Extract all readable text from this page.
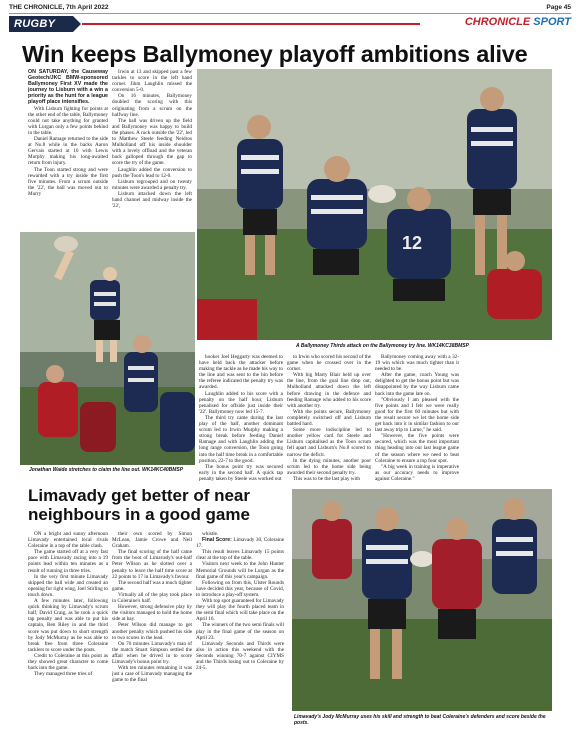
THE CHRONICLE, 7th April 2022	Page 45
RUGBY	CHRONICLE SPORT
Win keeps Ballymoney playoff ambitions alive

ON SATURDAY, the Causeway Geotech/JKC BMW-sponsored Ballymoney First XV made the journey to Lisburn with a win a priority as the hunt for a league playoff place intensifies.

With Lisburn fighting for points at the other end of the table, Ballymoney could not take anything for granted with Lurgan only a few points behind in the table.

Daniel Ramage returned to the side at No.8 while in the backs Aaron Gervais started at 10 with Lewis Murphy making his long-awaited return from injury.

The Toon started strong and were rewarded with a try inside the first five minutes. From a scrum outside the '22', the ball was moved out to Murry

Irwin at 13 and skipped past a few tackles to score in the left hand corner. Jihm Laughlin missed the conversion 5-0.

On 16 minutes, Ballymoney doubled the scoring with this originating from a scrum on the halfway line.

The ball was driven up the field and Ballymoney was happy to build the phases. A ruck outside the '22', led to Matthew Steele feeding Neidros Mulholland off his inside shoulder with a lovely offload and the veteran back galloped through the gap to score the try of the game.

Laughlin added the conversion to push the Toon's lead to 12-0.

Lisburn regrouped and on twenty minutes were awarded a penalty try.

Lisburn attacked down the left hand channel and midway inside the '22',

Jonathan Waide stretches to claim the line out. WK14KC40BMSP
12
A Ballymoney Thirds attack on the Ballymoney try line. WK14KC38BMSP

hooker Joel Heggarty was deemed to have held back the attacker before making the tackle as he made his way to the line and was sent to the bin before the referee indicated the penalty try was awarded.

Laughlin added to his score with a penalty on the half hour, Lisburn penalised for offside just inside their '22'. Ballymoney now led 15-7.

The third try came during the last play of the half, another dominant scrum led to Irwin Murphy making a strong break before feeding Daniel Ramage and with Laughlin adding the long range conversion, the Toon going into the half time break in a comfortable position, 22-7 to the good.

The bonus point try was secured early in the second half. A quick tap penalty taken by Steele was worked out

to Irwin who scored his second of the game when he crossed over in the corner.

With big Marty Blair held up over the line, from the goal line drop out, Mulholland attacked down the left before drawing in the defence and feeding Ramage who added to his score with another try.

With the points secure, Ballymoney completely switched off and Lisburn battled hard.

Some more indiscipline led to another yellow card for Steele and Lisburn capitalised as the Toon scrum fell apart and Lisburn's No.8 scored to narrow the deficit.

In the dying minutes, another poor scrum led to the home side being awarded their second penalty try.

This was to be the last play with

Ballymoney coming away with a 32-19 win which was much tighter than it needed to be.

After the game, coach Young was delighted to get the bonus point but was disappointed by the way Lisburn came back into the game late on.

"Obviously I am pleased with the five points and I felt we were really good for the first 60 minutes but with the result secure we let the home side get back into it in similar fashion to our last away trip to Larne," he said.

"However, the five points were secured, which was the most important thing heading into our last league game of the season where we need to beat Coleraine to ensure a top four spot.

"A big week in training is imperative as our accuracy needs to improve against Coleraine."

Limavady get better of near neighbours in a good game

ON a bright and sunny afternoon Limavady entertained local rivals Coleraine in a top of the table clash.

The game started off at a very fast pace with Limavady racing into a 19 points lead within ten minutes as a result of running in three tries.

In the very first minute Limavady skipped the ball wide and created an opening for right wing, Joel Stirling to touch down.

A few minutes later, following quick thinking by Limavady's scrum half, David Craig, as he took a quick tap penalty and was able to put his captain, Ben Riley in and the third score was put down to short strength by Jody McMurray as he was able to break free from three Coleraine tacklers to score under the posts.

Credit to Coleraine at this point as they showed great character to come back into the game.

They managed three tries of

their own scored by Simon McLean, Jamie Crowe and Neil Graham.

The final scoring of the half came from the boot of Limavady's out-half Peter Wilson as he slotted over a penalty to leave the half time score at 22 points to 17 in Limavady's favour.

The second half was a much tighter game.

Virtually all of the play took place in Coleraine's half.

However, strong defensive play by the visitors managed to hold the home side at bay.

Peter Wilson did manage to get another penalty which pushed his side to two scores in the lead.

On 70 minutes Limavady's man of the match Stuart Simpson settled the affair when he drived in to score Limavady's bonus point try.

With ten minutes remaining it was just a case of Limavady managing the game to the final

whistle.

Final Score: Limavady 30, Coleraine 17.

This result leaves Limavady 15 points clear at the top of the table.

Visitors next week to the John Hunter Memorial Grounds will be Lurgan as the final game of this year's campaign.

Following on from this, Ulster Rounds have decided this year, because of Covid, to introduce a play-off system.

With top spot guaranteed for Limavady they will play the fourth placed team in the semi final which will take place on the April 16.

The winners of the two semi finals will play in the final game of the season on April 23.

Limavady Seconds and Thirds were also in action this weekend with the Seconds winning 70-7 against CIYMS and the Thirds losing out to Coleraine by 24-5.

Limavady's Jody McMurray uses his skill and strength to beat Coleraine's defenders and score beside the posts.
